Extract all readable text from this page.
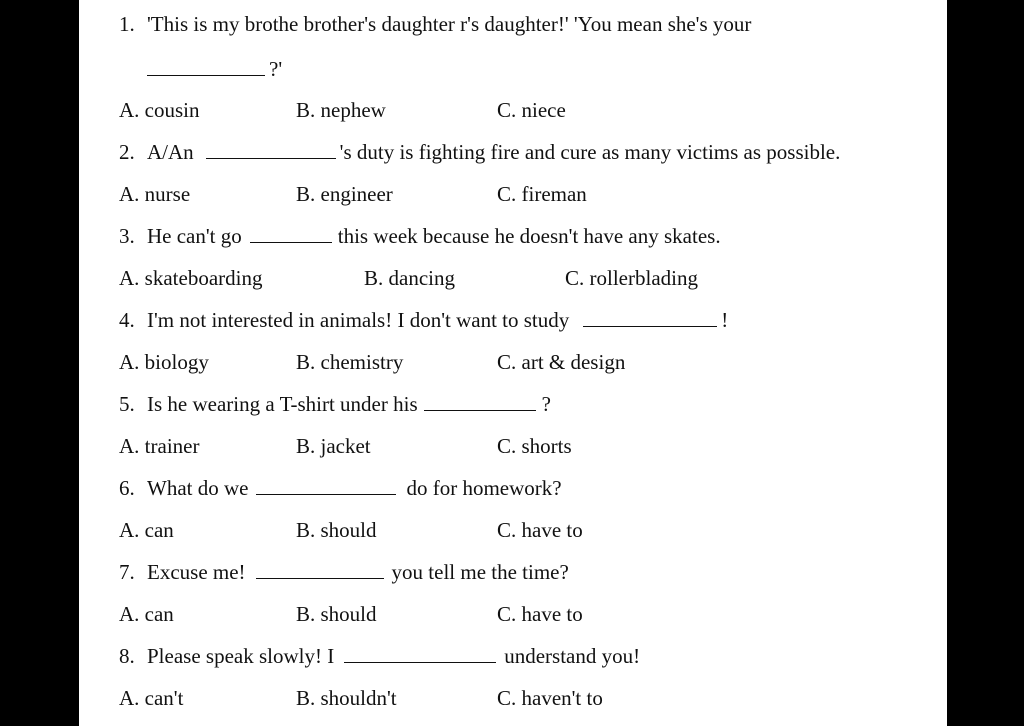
1. 'This is my brothe brother's daughter r's daughter!' 'You mean she's your
?'
A. cousin	B. nephew	C. niece
2. A/An	's duty is fighting fire and cure as many victims as possible.
A. nurse	B. engineer	C. fireman
3. He can't go	this week because he doesn't have any skates.
A. skateboarding	B. dancing	C. rollerblading
4. I'm not interested in animals! I don't want to study	!
A. biology	B. chemistry	C. art & design
5. Is he wearing a T-shirt under his	?
A. trainer	B. jacket	C. shorts
6. What do we	do for homework?
A. can	B. should	C. have to
7. Excuse me!	you tell me the time?
A. can	B. should	C. have to
8. Please speak slowly! I	understand you!
A. can't	B. shouldn't	C. haven't to
